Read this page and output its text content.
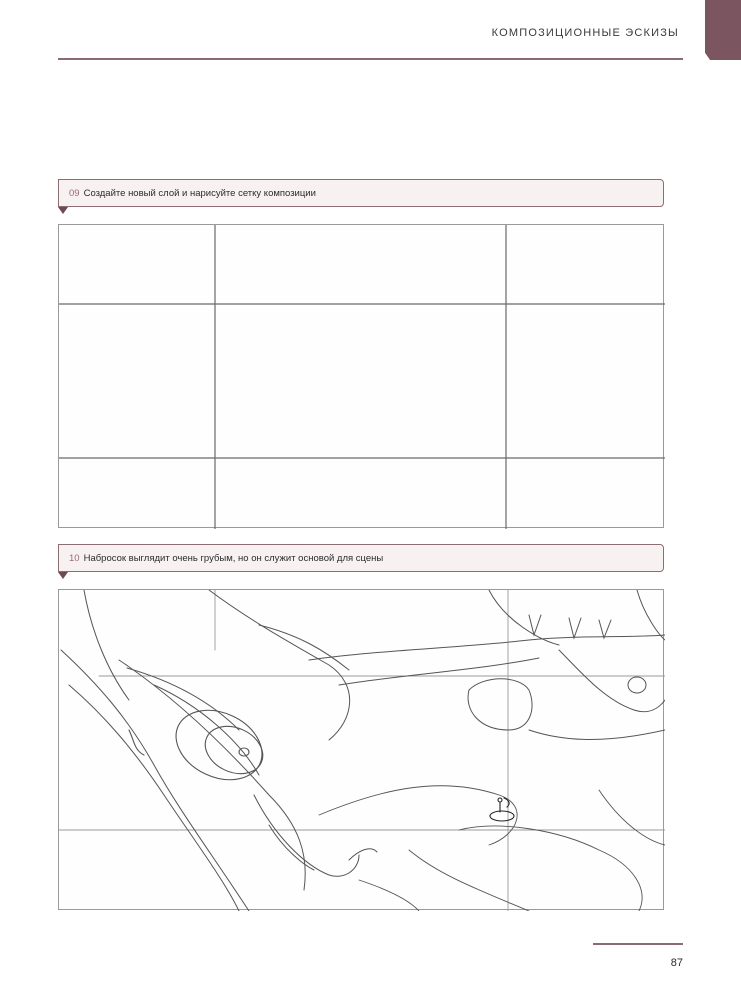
КОМПОЗИЦИОННЫЕ ЭСКИЗЫ
09 Создайте новый слой и нарисуйте сетку композиции
10 Набросок выглядит очень грубым, но он служит основой для сцены
87
